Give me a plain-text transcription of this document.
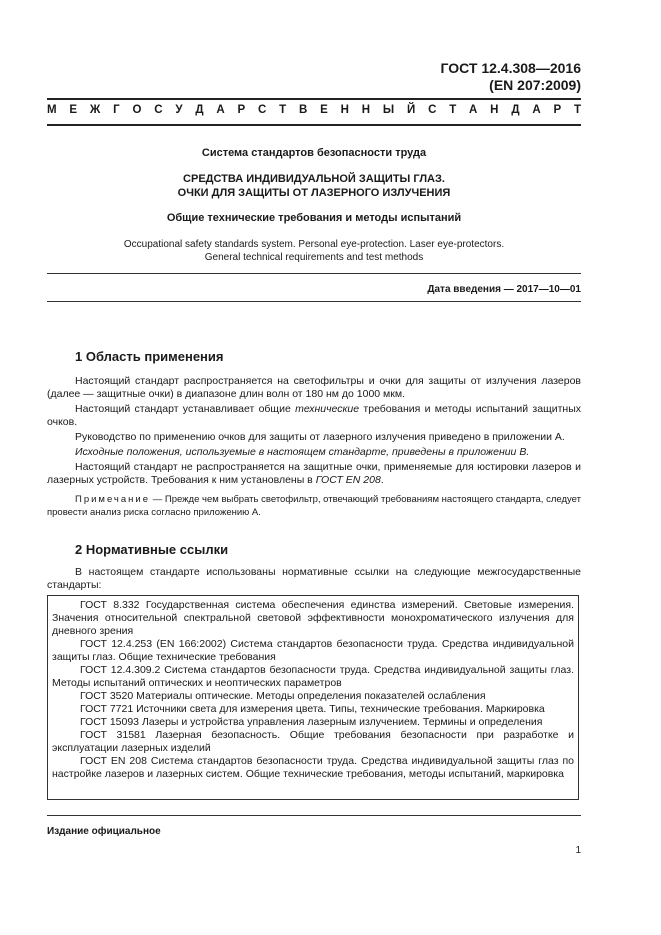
ГОСТ 12.4.308—2016
(EN 207:2009)
М Е Ж Г О С У Д А Р С Т В Е Н Н Ы Й С Т А Н Д А Р Т
Система стандартов безопасности труда
СРЕДСТВА ИНДИВИДУАЛЬНОЙ ЗАЩИТЫ ГЛАЗ.
ОЧКИ ДЛЯ ЗАЩИТЫ ОТ ЛАЗЕРНОГО ИЗЛУЧЕНИЯ
Общие технические требования и методы испытаний
Occupational safety standards system. Personal eye-protection. Laser eye-protectors.
General technical requirements and test methods
Дата введения — 2017—10—01
1 Область применения

Настоящий стандарт распространяется на светофильтры и очки для защиты от излучения лазеров (далее — защитные очки) в диапазоне длин волн от 180 нм до 1000 мкм.

Настоящий стандарт устанавливает общие технические требования и методы испытаний защитных очков.

Руководство по применению очков для защиты от лазерного излучения приведено в приложении А.

Исходные положения, используемые в настоящем стандарте, приведены в приложении В.

Настоящий стандарт не распространяется на защитные очки, применяемые для юстировки лазеров и лазерных устройств. Требования к ним установлены в ГОСТ EN 208.

Примечание — Прежде чем выбрать светофильтр, отвечающий требованиям настоящего стандарта, следует провести анализ риска согласно приложению А.

2 Нормативные ссылки

В настоящем стандарте использованы нормативные ссылки на следующие межгосударственные стандарты:

ГОСТ 8.332 Государственная система обеспечения единства измерений. Световые измерения. Значения относительной спектральной световой эффективности монохроматического излучения для дневного зрения

ГОСТ 12.4.253 (EN 166:2002) Система стандартов безопасности труда. Средства индивидуальной защиты глаз. Общие технические требования

ГОСТ 12.4.309.2 Система стандартов безопасности труда. Средства индивидуальной защиты глаз. Методы испытаний оптических и неоптических параметров

ГОСТ 3520 Материалы оптические. Методы определения показателей ослабления

ГОСТ 7721 Источники света для измерения цвета. Типы, технические требования. Маркировка

ГОСТ 15093 Лазеры и устройства управления лазерным излучением. Термины и определения

ГОСТ 31581 Лазерная безопасность. Общие требования безопасности при разработке и эксплуатации лазерных изделий

ГОСТ EN 208 Система стандартов безопасности труда. Средства индивидуальной защиты глаз по настройке лазеров и лазерных систем. Общие технические требования, методы испытаний, маркировка

Издание официальное
1
